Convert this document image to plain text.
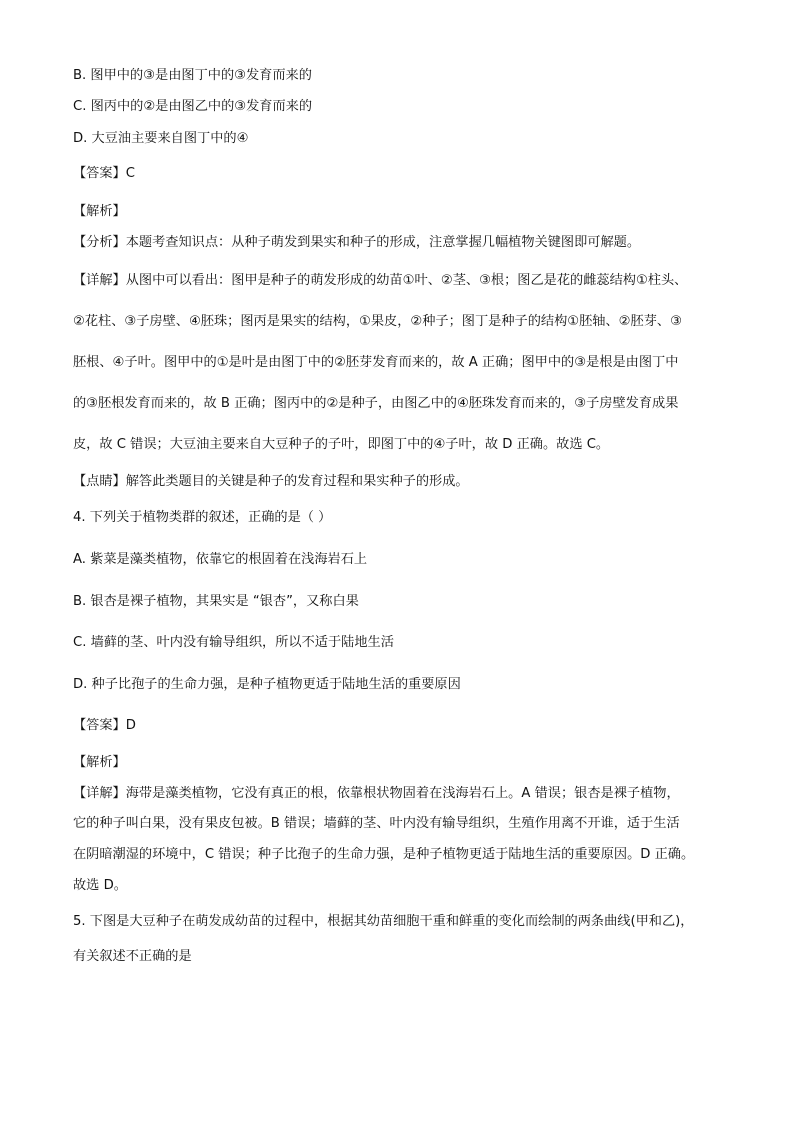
B. 图甲中的③是由图丁中的③发育而来的
C. 图丙中的②是由图乙中的③发育而来的
D. 大豆油主要来自图丁中的④
【答案】C
【解析】
【分析】本题考查知识点：从种子萌发到果实和种子的形成，注意掌握几幅植物关键图即可解题。
【详解】从图中可以看出：图甲是种子的萌发形成的幼苗①叶、②茎、③根；图乙是花的雌蕊结构①柱头、
②花柱、③子房壁、④胚珠；图丙是果实的结构，①果皮，②种子；图丁是种子的结构①胚轴、②胚芽、③
胚根、④子叶。图甲中的①是叶是由图丁中的②胚芽发育而来的，故 A 正确；图甲中的③是根是由图丁中
的③胚根发育而来的，故 B 正确；图丙中的②是种子，由图乙中的④胚珠发育而来的，③子房壁发育成果
皮，故 C 错误；大豆油主要来自大豆种子的子叶，即图丁中的④子叶，故 D 正确。故选 C。
【点睛】解答此类题目的关键是种子的发育过程和果实种子的形成。
4. 下列关于植物类群的叙述，正确的是（ ）
A. 紫菜是藻类植物，依靠它的根固着在浅海岩石上
B. 银杏是裸子植物，其果实是 “银杏”，又称白果
C. 墙藓的茎、叶内没有输导组织，所以不适于陆地生活
D. 种子比孢子的生命力强，是种子植物更适于陆地生活的重要原因
【答案】D
【解析】
【详解】海带是藻类植物，它没有真正的根，依靠根状物固着在浅海岩石上。A 错误；银杏是裸子植物，
它的种子叫白果，没有果皮包被。B 错误；墙藓的茎、叶内没有输导组织，生殖作用离不开谁，适于生活
在阴暗潮湿的环境中，C 错误；种子比孢子的生命力强，是种子植物更适于陆地生活的重要原因。D 正确。
故选 D。
5. 下图是大豆种子在萌发成幼苗的过程中，根据其幼苗细胞干重和鲜重的变化而绘制的两条曲线(甲和乙)，
有关叙述不正确的是
